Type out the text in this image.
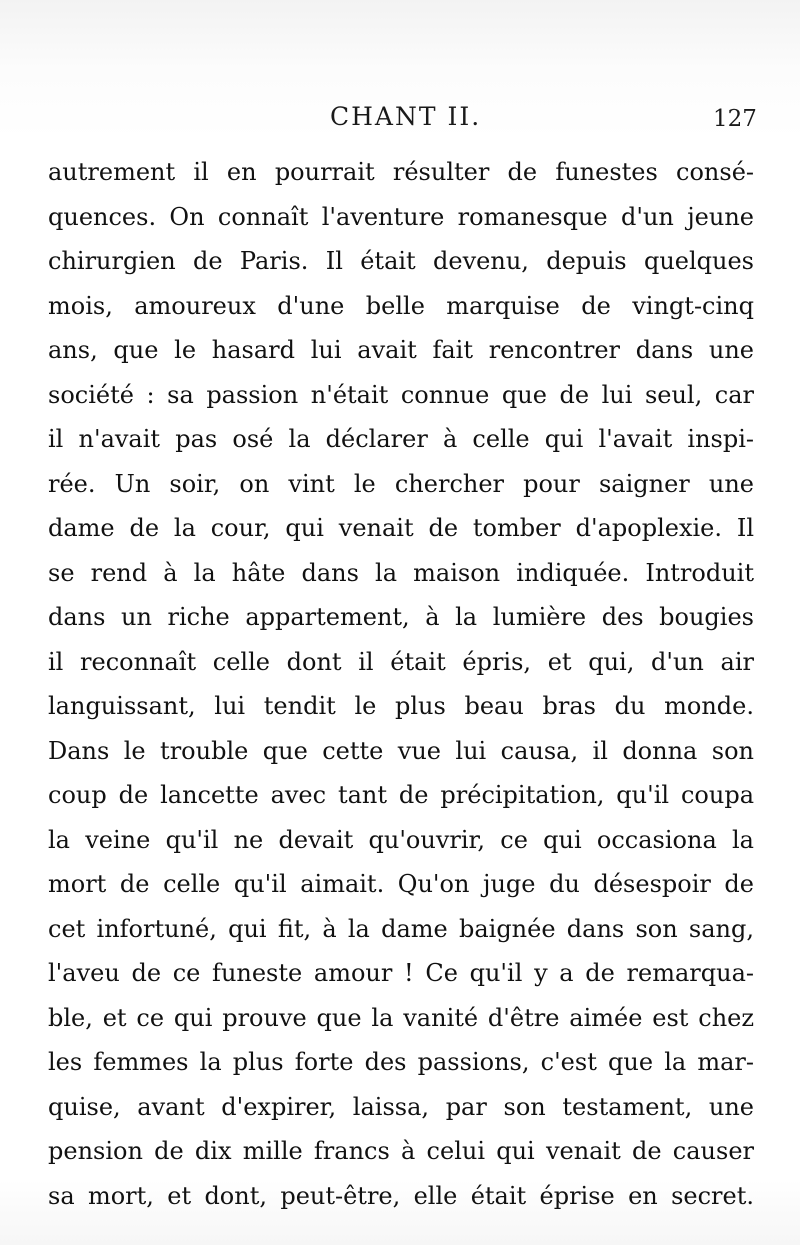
CHANT II.	127
autrement il en pourrait résulter de funestes consé-
quences. On connaît l'aventure romanesque d'un jeune
chirurgien de Paris. Il était devenu, depuis quelques
mois, amoureux d'une belle marquise de vingt-cinq
ans, que le hasard lui avait fait rencontrer dans une
société : sa passion n'était connue que de lui seul, car
il n'avait pas osé la déclarer à celle qui l'avait inspi-
rée. Un soir, on vint le chercher pour saigner une
dame de la cour, qui venait de tomber d'apoplexie. Il
se rend à la hâte dans la maison indiquée. Introduit
dans un riche appartement, à la lumière des bougies
il reconnaît celle dont il était épris, et qui, d'un air
languissant, lui tendit le plus beau bras du monde.
Dans le trouble que cette vue lui causa, il donna son
coup de lancette avec tant de précipitation, qu'il coupa
la veine qu'il ne devait qu'ouvrir, ce qui occasiona la
mort de celle qu'il aimait. Qu'on juge du désespoir de
cet infortuné, qui fit, à la dame baignée dans son sang,
l'aveu de ce funeste amour ! Ce qu'il y a de remarqua-
ble, et ce qui prouve que la vanité d'être aimée est chez
les femmes la plus forte des passions, c'est que la mar-
quise, avant d'expirer, laissa, par son testament, une
pension de dix mille francs à celui qui venait de causer
sa mort, et dont, peut-être, elle était éprise en secret.
